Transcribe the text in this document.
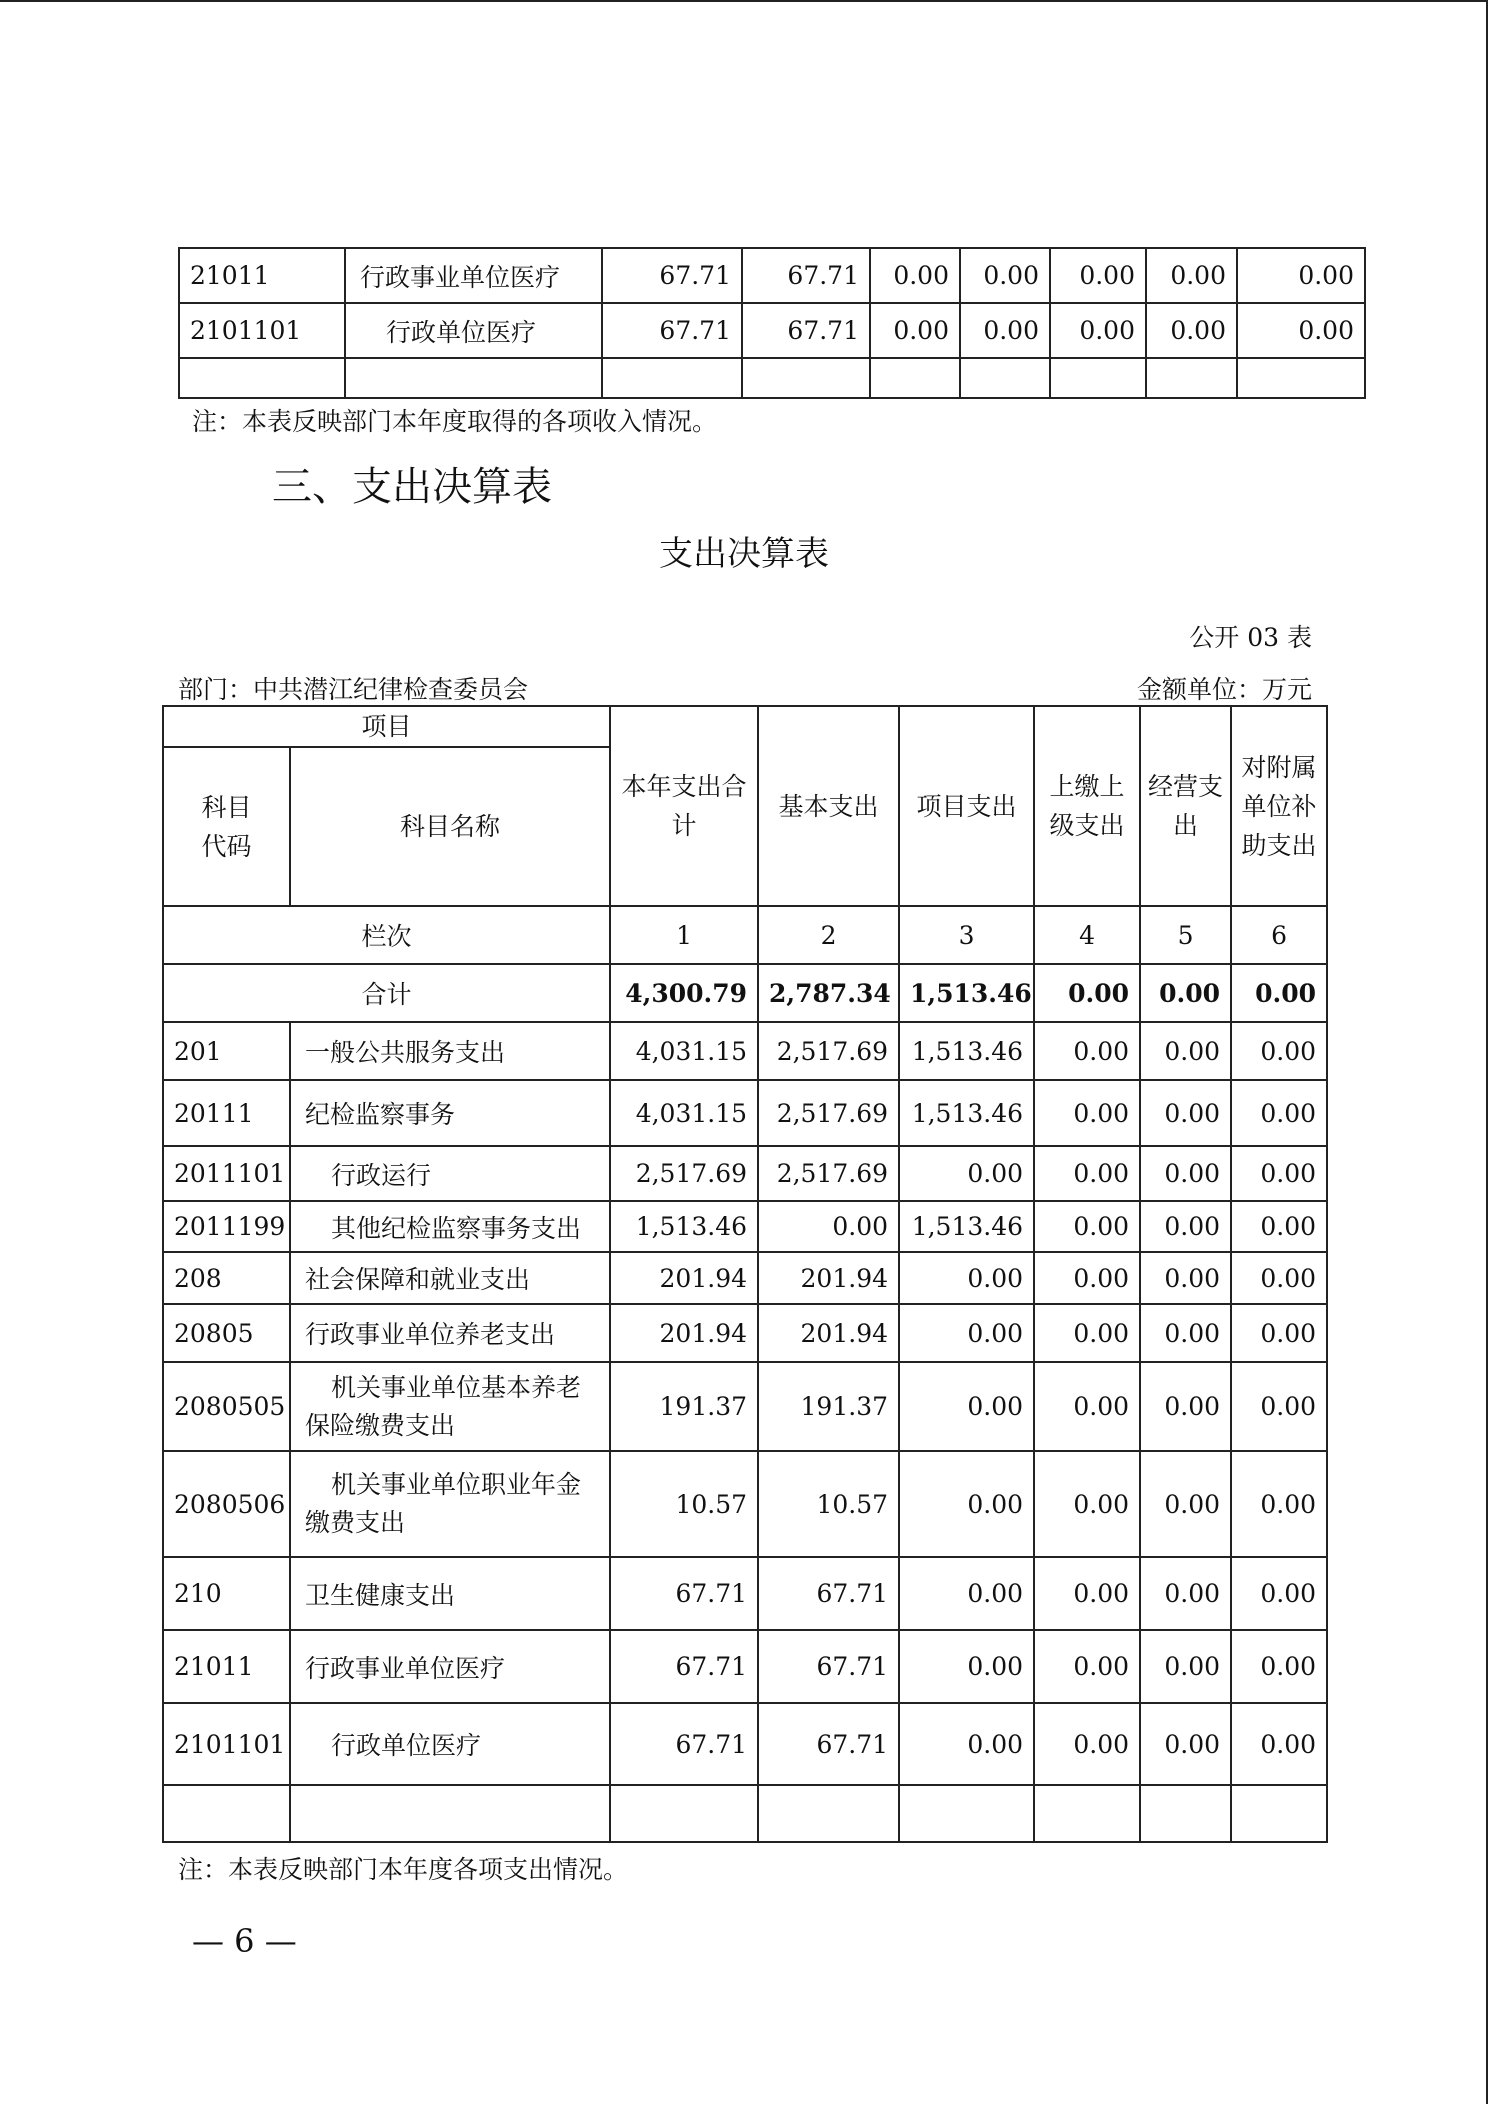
21011	行政事业单位医疗	67.71	67.71	0.00	0.00	0.00	0.00	0.00
2101101	行政单位医疗	67.71	67.71	0.00	0.00	0.00	0.00	0.00

注：本表反映部门本年度取得的各项收入情况。
三、支出决算表
支出决算表
公开 03 表
部门：中共潜江纪律检查委员会	金额单位：万元
项目		本年支出合计	基本支出	项目支出	上缴上级支出	经营支出	对附属单位补助支出
科目代码	科目名称						
栏次		1	2	3	4	5	6
合计		4,300.79	2,787.34	1,513.46	0.00	0.00	0.00
201	一般公共服务支出	4,031.15	2,517.69	1,513.46	0.00	0.00	0.00
20111	纪检监察事务	4,031.15	2,517.69	1,513.46	0.00	0.00	0.00
2011101	行政运行	2,517.69	2,517.69	0.00	0.00	0.00	0.00
2011199	其他纪检监察事务支出	1,513.46	0.00	1,513.46	0.00	0.00	0.00
208	社会保障和就业支出	201.94	201.94	0.00	0.00	0.00	0.00
20805	行政事业单位养老支出	201.94	201.94	0.00	0.00	0.00	0.00
2080505	机关事业单位基本养老
保险缴费支出	191.37	191.37	0.00	0.00	0.00	0.00
2080506	机关事业单位职业年金
缴费支出	10.57	10.57	0.00	0.00	0.00	0.00
210	卫生健康支出	67.71	67.71	0.00	0.00	0.00	0.00
21011	行政事业单位医疗	67.71	67.71	0.00	0.00	0.00	0.00
2101101	行政单位医疗	67.71	67.71	0.00	0.00	0.00	0.00

注：本表反映部门本年度各项支出情况。
— 6 —
